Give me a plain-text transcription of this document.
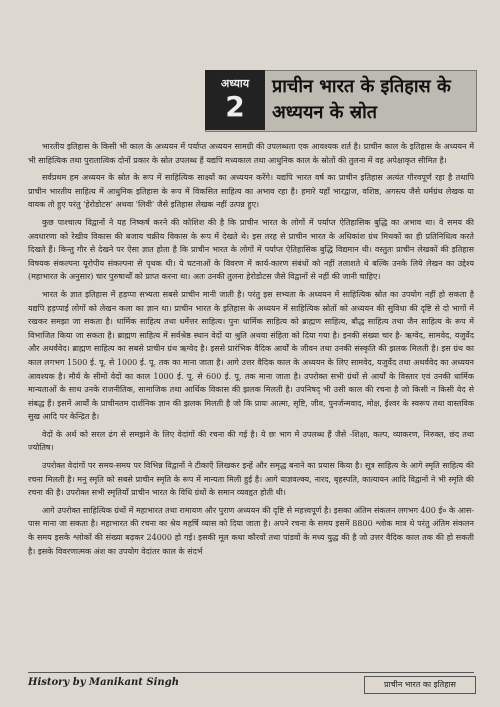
अध्याय
2
प्राचीन भारत के इतिहास के अध्ययन के स्रोत

भारतीय इतिहास के किसी भी काल के अध्ययन में पर्याप्त अध्ययन सामग्री की उपलब्धता एक आवश्यक शर्त है। प्राचीन काल के इतिहास के अध्ययन में भी साहित्यिक तथा पुरातात्विक दोनों प्रकार के स्रोत उपलब्ध हैं यद्यपि मध्यकाल तथा आधुनिक काल के स्रोतों की तुलना में वह अपेक्षाकृत सीमित है।

सर्वप्रथम हम अध्ययन के स्रोत के रूप में साहित्यिक साक्ष्यों का अध्ययन करेंगे। यद्यपि भारत वर्ष का प्राचीन इतिहास अत्यंत गौरवपूर्ण रहा है तथापि प्राचीन भारतीय साहित्य में आधुनिक इतिहास के रूप में विकसित साहित्य का अभाव रहा है। हमारे यहाँ भारद्वाज, वशिष्ठ, अगस्त्य जैसे धर्मग्रंथ लेखक या वायक तो हुए परंतु 'हेरोडोटस' अथवा 'लिवी' जैसे इतिहास लेखक नहीं उत्पन्न हुए।

कुछ पाश्चात्य विद्वानों ने यह निष्कर्ष करने की कोशिश की है कि प्राचीन भारत के लोगों में पर्याप्त ऐतिहासिक बुद्धि का अभाव था। वे समय की अवधारणा को रेखीय विकास की बजाय चक्रीय विकास के रूप में देखते थे। इस तरह से प्राचीन भारत के अधिकांश ग्रंथ मिथकों का ही प्रतिनिधित्व करते दिखते हैं। किन्तु गौर से देखने पर ऐसा ज्ञात होता है कि प्राचीन भारत के लोगों में पर्याप्त ऐतिहासिक बुद्धि विद्यमान थी। वस्तुतः प्राचीन लेखकों की इतिहास विषयक संकल्पना यूरोपीय संकल्पना से पृथक थी। ये घटनाओं के विवरण में कार्य-कारण संबंधों को नहीं तलाशते थे बल्कि उनके लिये लेखन का उद्देश्य (महाभारत के अनुसार) चार पुरुषार्थों को प्राप्त करना था। अतः उनकी तुलना हेरोडोटस जैसे विद्वानों से नहीं की जानी चाहिए।

भारत के ज्ञात इतिहास में हड़प्पा सभ्यता सबसे प्राचीन मानी जाती है। परंतु इस सभ्यता के अध्ययन में साहित्यिक स्रोत का उपयोग नहीं हो सकता है यद्यपि हड़प्पाई लोगों को लेखन कला का ज्ञान था। प्राचीन भारत के इतिहास के अध्ययन में साहित्यिक स्रोतों को अध्ययन की सुविधा की दृष्टि से दो भागों में रखकर समझा जा सकता है। धार्मिक साहित्य तथा धर्मेत्तर साहित्य। पुनः धार्मिक साहित्य को ब्राह्मण साहित्य, बौद्ध साहित्य तथा जैन साहित्य के रूप में विभाजित किया जा सकता है। ब्राह्मण साहित्य में सर्वश्रेष्ठ स्थान वेदों या श्रुति अथवा संहिता को दिया गया है। इनकी संख्या चार है- ऋग्वेद, सामवेद, यजुर्वेद और अथर्ववेद। ब्राह्मण साहित्य का सबसे प्राचीन ग्रंथ ऋग्वेद है। इससे प्रारंभिक वैदिक आर्यों के जीवन तथा उनकी संस्कृति की झलक मिलती है। इस ग्रंथ का काल लगभग 1500 ई. पू. से 1000 ई. पू. तक का माना जाता है। आगे उत्तर वैदिक काल के अध्ययन के लिए सामवेद, यजुर्वेद तथा अथर्ववेद का अध्ययन आवश्यक है। मौर्य के सीमों वेदों का काल 1000 ई. पू. से 600 ई. पू. तक माना जाता है। उपरोक्त सभी ग्रंथों से आर्यों के विस्तार एवं उनकी धार्मिक मान्यताओं के साथ उनके राजनीतिक, सामाजिक तथा आर्थिक विकास की झलक मिलती है। उपनिषद् भी उसी काल की रचना है जो किसी न किसी वेद से संबद्ध हैं। इसमें आर्यों के प्राचीनतम दार्शनिक ज्ञान की झलक मिलती है जो कि प्रायः आत्मा, सृष्टि, जीव, पुनर्जन्मवाद, मोक्ष, ईश्वर के स्वरूप तथा वास्तविक सुख आदि पर केन्द्रित है।

वेदों के अर्थ को सरल ढंग से समझने के लिए वेदांगों की रचना की गई है। ये छः भाग में उपलब्ध हैं जैसे -शिक्षा, कल्प, व्याकरण, निरुक्त, छंद तथा ज्योतिष।

उपरोक्त वेदांगों पर समय-समय पर विभिन्न विद्वानों ने टीकाएँ लिखकर इन्हें और समृद्ध बनाने का प्रयास किया है। सूत्र साहित्य के आगे स्मृति साहित्य की रचना मिलती है। मनु स्मृति को सबसे प्राचीन स्मृति के रूप में मान्यता मिली हुई है। आगे याज्ञवल्क्य, नारद, बृहस्पति, कात्यायन आदि विद्वानों ने भी स्मृति की रचना की है। उपरोक्त सभी स्मृतियाँ प्राचीन भारत के विधि ग्रंथों के समान व्यवहृत होती थी।

आगे उपरोक्त साहित्यिक ग्रंथों में महाभारत तथा रामायण और पुराण अध्ययन की दृष्टि से महत्त्वपूर्ण है। इसका अंतिम संकलन लगभग 400 ई० के आस-पास माना जा सकता है। महाभारत की रचना का श्रेय महर्षि व्यास को दिया जाता है। अपने रचना के समय इसमें 8800 श्लोक मात्र थे परंतु अंतिम संकलन के समय इसके श्लोकों की संख्या बढ़कर 24000 हो गई। इसकी मूल कथा कौरवों तथा पांडवों के मध्य युद्ध की है जो उत्तर वैदिक काल तक की हो सकती है। इसके विवरणात्मक अंश का उपयोग वेदांतर काल के संदर्भ

History by Manikant Singh	प्राचीन भारत का इतिहास
